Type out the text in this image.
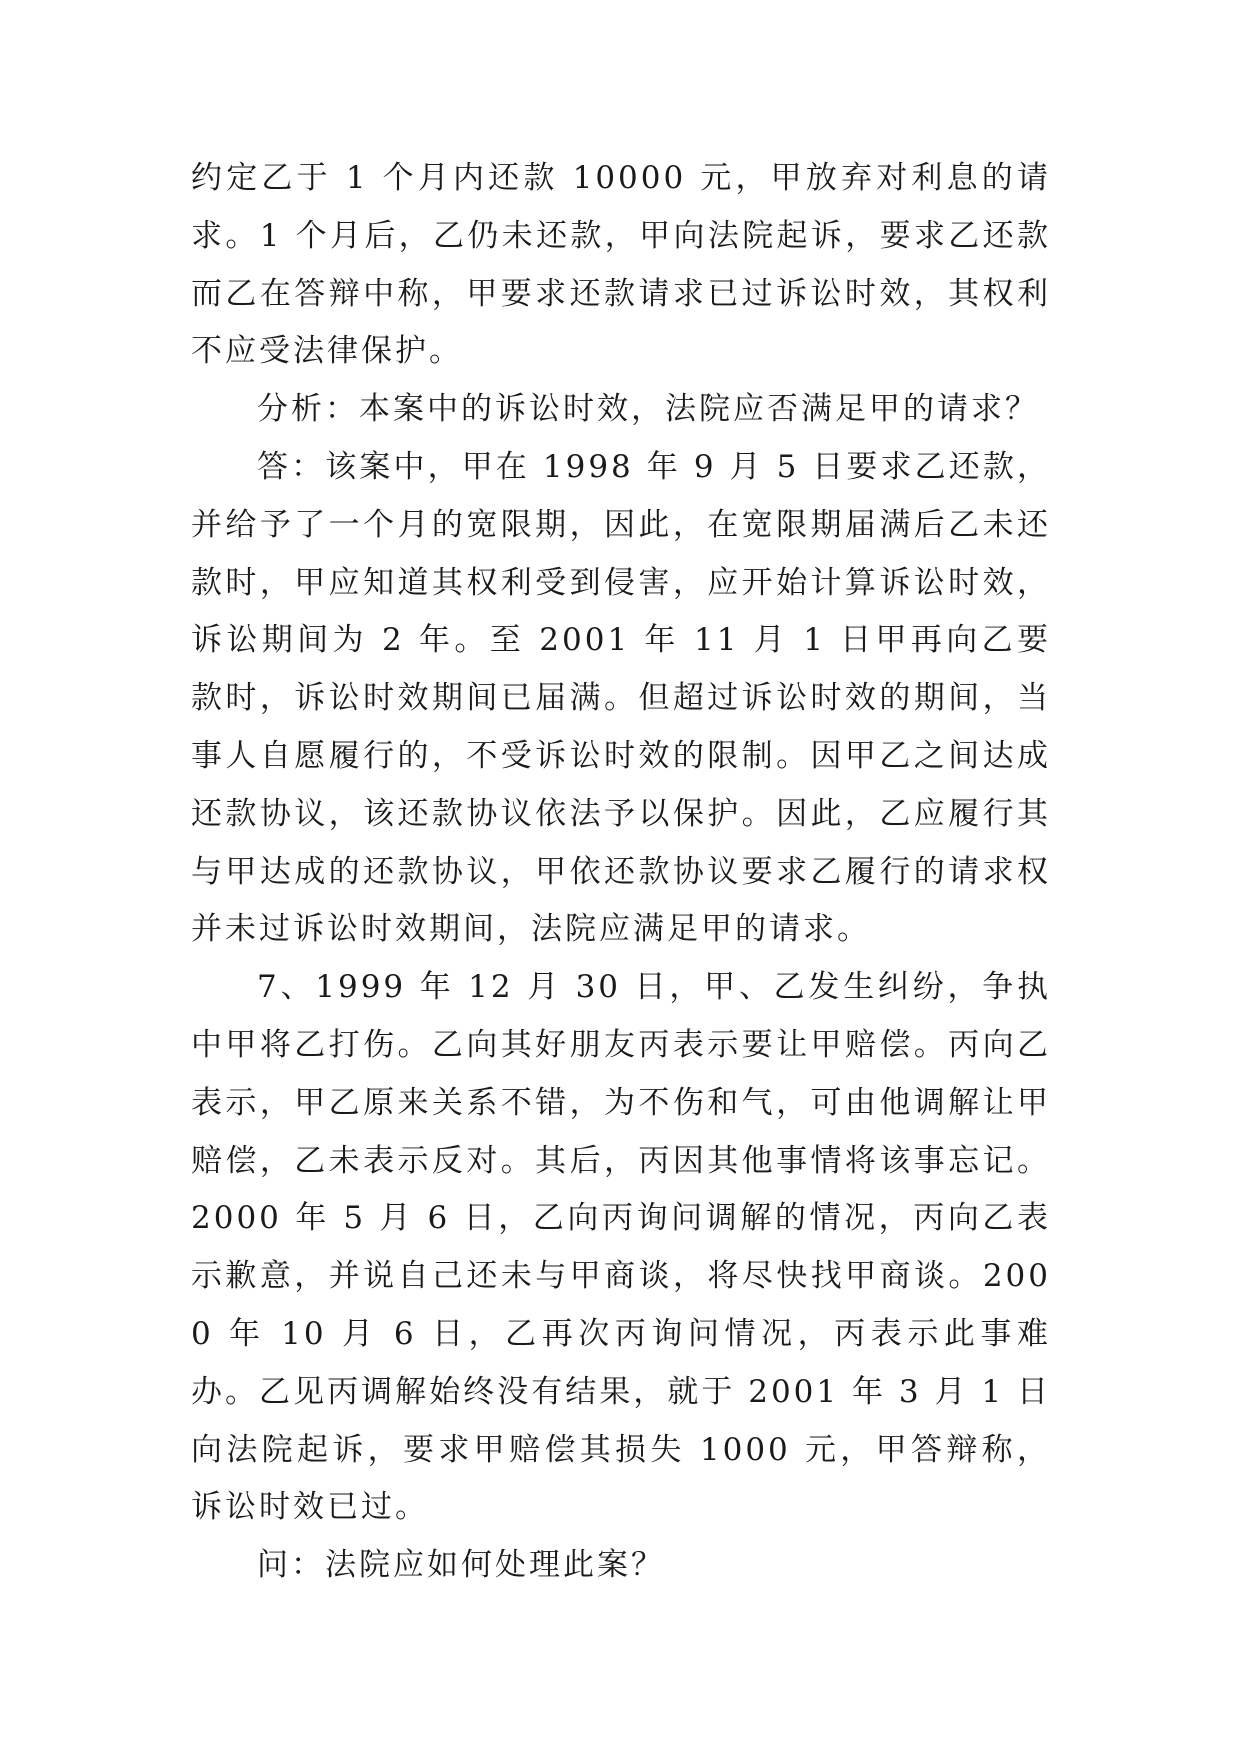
约定乙于 1 个月内还款 10000 元，甲放弃对利息的请求。1 个月后，乙仍未还款，甲向法院起诉，要求乙还款而乙在答辩中称，甲要求还款请求已过诉讼时效，其权利不应受法律保护。

分析：本案中的诉讼时效，法院应否满足甲的请求？

答：该案中，甲在 1998 年 9 月 5 日要求乙还款，并给予了一个月的宽限期，因此，在宽限期届满后乙未还款时，甲应知道其权利受到侵害，应开始计算诉讼时效，诉讼期间为 2 年。至 2001 年 11 月 1 日甲再向乙要款时，诉讼时效期间已届满。但超过诉讼时效的期间，当事人自愿履行的，不受诉讼时效的限制。因甲乙之间达成还款协议，该还款协议依法予以保护。因此，乙应履行其与甲达成的还款协议，甲依还款协议要求乙履行的请求权并未过诉讼时效期间，法院应满足甲的请求。

7、1999 年 12 月 30 日，甲、乙发生纠纷，争执中甲将乙打伤。乙向其好朋友丙表示要让甲赔偿。丙向乙表示，甲乙原来关系不错，为不伤和气，可由他调解让甲赔偿，乙未表示反对。其后，丙因其他事情将该事忘记。2000 年 5 月 6 日，乙向丙询问调解的情况，丙向乙表示歉意，并说自己还未与甲商谈，将尽快找甲商谈。2000 年 10 月 6 日，乙再次丙询问情况，丙表示此事难办。乙见丙调解始终没有结果，就于 2001 年 3 月 1 日向法院起诉，要求甲赔偿其损失 1000 元，甲答辩称，诉讼时效已过。

问：法院应如何处理此案？
